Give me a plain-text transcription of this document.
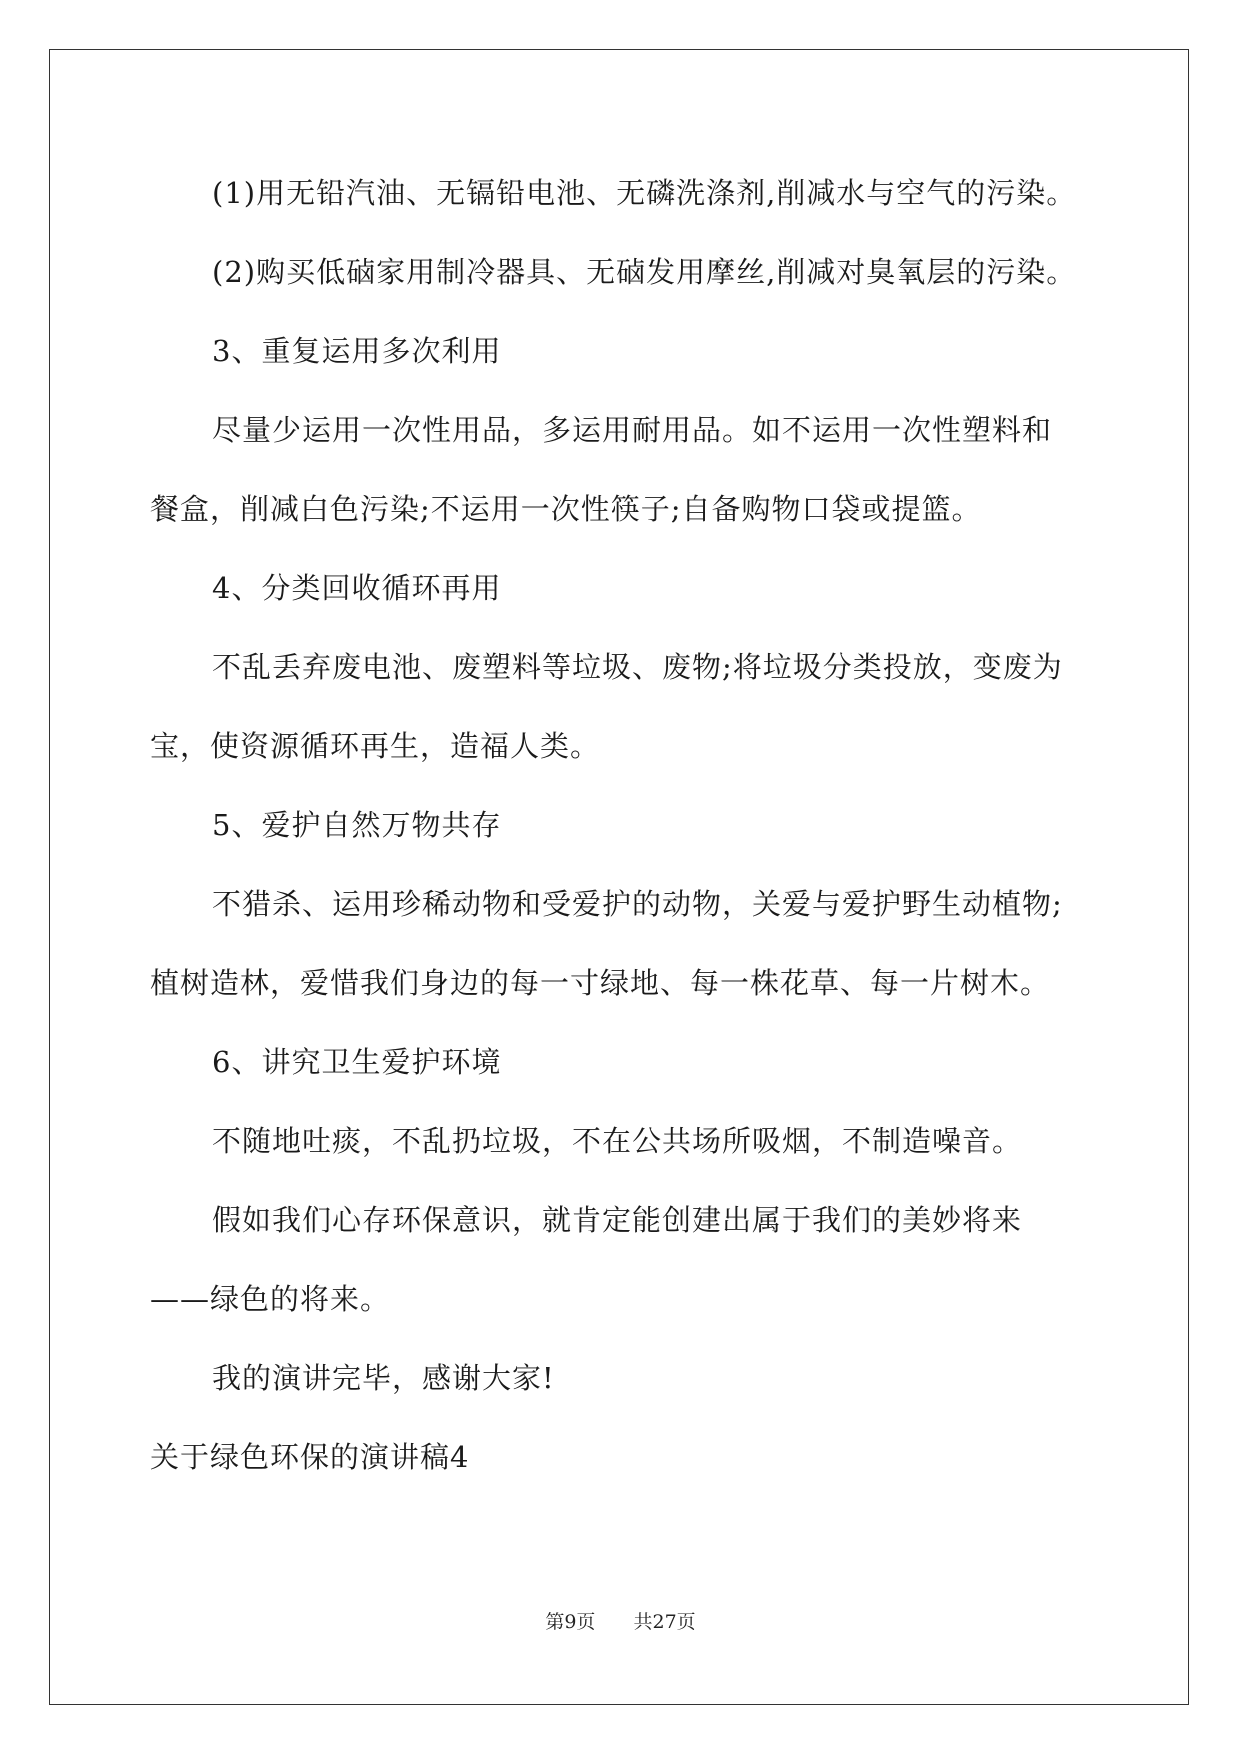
(1)用无铅汽油、无镉铅电池、无磷洗涤剂,削减水与空气的污染。
(2)购买低硵家用制冷器具、无硵发用摩丝,削减对臭氧层的污染。
3、重复运用多次利用
尽量少运用一次性用品，多运用耐用品。如不运用一次性塑料和
餐盒，削减白色污染;不运用一次性筷子;自备购物口袋或提篮。
4、分类回收循环再用
不乱丢弃废电池、废塑料等垃圾、废物;将垃圾分类投放，变废为
宝，使资源循环再生，造福人类。
5、爱护自然万物共存
不猎杀、运用珍稀动物和受爱护的动物，关爱与爱护野生动植物;
植树造林，爱惜我们身边的每一寸绿地、每一株花草、每一片树木。
6、讲究卫生爱护环境
不随地吐痰，不乱扔垃圾，不在公共场所吸烟，不制造噪音。
假如我们心存环保意识，就肯定能创建出属于我们的美妙将来
——绿色的将来。
我的演讲完毕，感谢大家!
关于绿色环保的演讲稿4
第9页 共27页
